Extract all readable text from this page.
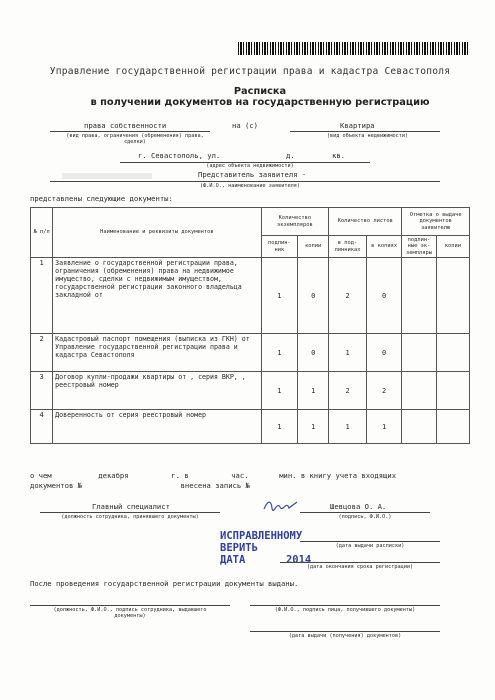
Управление государственной регистрации права и кадастра Севастополя
Расписка
в получении документов на государственную регистрацию
права собственности	на (с)	Квартира
(вид права, ограничения (обременения) права, сделки)
(вид объекта недвижимости)
г. Севастополь, ул.	д.	кв.
(адрес объекта недвижимости)
Представитель заявителя -
(Ф.И.О., наименование заявителя)
представлены следующие документы:
№ п/п	Наименование и реквизиты документов	Количество экземпляров		Количество листов		Отметка о выдаче документов заявителю	
		подлин-ник	копии	в под-линниках	в копиях	подлин-ные эк-земпляры	копии
1	Заявление о государственной регистрации права, ограничения (обременения) права на недвижимое имущество, сделки с недвижимым имуществом, государственной регистрации законного владельца закладной от	1	0	2	0		
2	Кадастровый паспорт помещения (выписка из ГКН) от Управление государственной регистрации права и кадастра Севастополя	1	0	1	0		
3	Договор купли-продажи квартиры от , серия ВКР, , реестровый номер	1	1	2	2		
4	Доверенность от серия реестровый номер	1	1	1	1		
о чем	декабря	г. в	час.	мин. в книгу учета входящих
документов №	внесена запись №
Главный специалист	Шевцова О. А.
(должность сотрудника, принявшего документы)	(подпись, Ф.И.О.)
ИСПРАВЛЕННОМУ
ВЕРИТЬ
ДАТА	2014
(дата выдачи расписки)
(дата окончания срока регистрации)
После проведения государственной регистрации документы выданы.
(должность, Ф.И.О., подпись сотрудника, выдавшего документы)
(Ф.И.О., подпись лица, получившего документы)
(дата выдачи (получения) документов)
